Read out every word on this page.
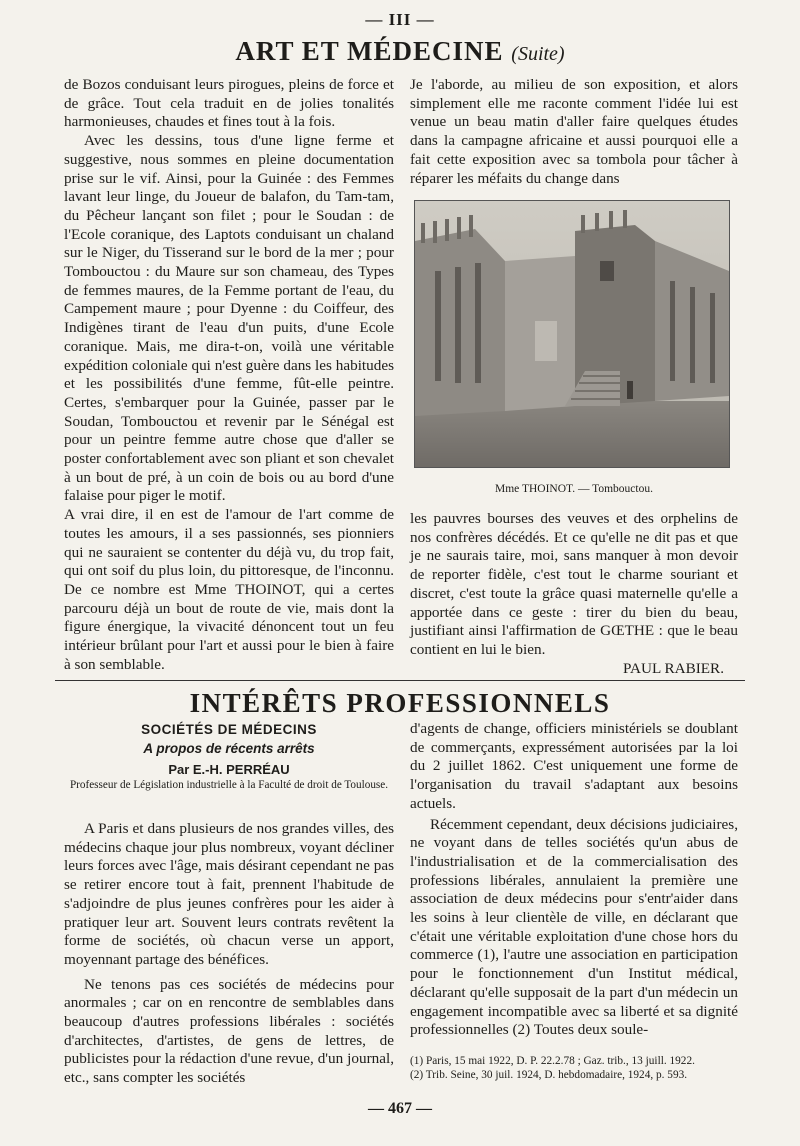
— III —
ART ET MÉDECINE (Suite)

de Bozos conduisant leurs pirogues, pleins de force et de grâce. Tout cela traduit en de jolies tonalités harmonieuses, chaudes et fines tout à la fois.

Avec les dessins, tous d'une ligne ferme et suggestive, nous sommes en pleine documentation prise sur le vif. Ainsi, pour la Guinée : des Femmes lavant leur linge, du Joueur de balafon, du Tam-tam, du Pêcheur lançant son filet ; pour le Soudan : de l'Ecole coranique, des Laptots conduisant un chaland sur le Niger, du Tisserand sur le bord de la mer ; pour Tombouctou : du Maure sur son chameau, des Types de femmes maures, de la Femme portant de l'eau, du Campement maure ; pour Dyenne : du Coiffeur, des Indigènes tirant de l'eau d'un puits, d'une Ecole coranique. Mais, me dira-t-on, voilà une véritable expédition coloniale qui n'est guère dans les habitudes et les possibilités d'une femme, fût-elle peintre. Certes, s'embarquer pour la Guinée, passer par le Soudan, Tombouctou et revenir par le Sénégal est pour un peintre femme autre chose que d'aller se poster confortablement avec son pliant et son chevalet à un bout de pré, à un coin de bois ou au bord d'une falaise pour piger le motif.

A vrai dire, il en est de l'amour de l'art comme de toutes les amours, il a ses passionnés, ses pionniers qui ne sauraient se contenter du déjà vu, du trop fait, qui ont soif du plus loin, du pittoresque, de l'inconnu. De ce nombre est Mme THOINOT, qui a certes parcouru déjà un bout de route de vie, mais dont la figure énergique, la vivacité dénoncent tout un feu intérieur brûlant pour l'art et aussi pour le bien à faire à son semblable.

Je l'aborde, au milieu de son exposition, et alors simplement elle me raconte comment l'idée lui est venue un beau matin d'aller faire quelques études dans la campagne africaine et aussi pourquoi elle a fait cette exposition avec sa tombola pour tâcher à réparer les méfaits du change dans

Mme THOINOT. — Tombouctou.

les pauvres bourses des veuves et des orphelins de nos confrères décédés. Et ce qu'elle ne dit pas et que je ne saurais taire, moi, sans manquer à mon devoir de reporter fidèle, c'est tout le charme souriant et discret, c'est toute la grâce quasi maternelle qu'elle a apportée dans ce geste : tirer du bien du beau, justifiant ainsi l'affirmation de GŒTHE : que le beau contient en lui le bien.

PAUL RABIER.

INTÉRÊTS PROFESSIONNELS
SOCIÉTÉS DE MÉDECINS
A propos de récents arrêts
Par E.-H. PERRÉAU
Professeur de Législation industrielle à la Faculté de droit de Toulouse.

A Paris et dans plusieurs de nos grandes villes, des médecins chaque jour plus nombreux, voyant décliner leurs forces avec l'âge, mais désirant cependant ne pas se retirer encore tout à fait, prennent l'habitude de s'adjoindre de plus jeunes confrères pour les aider à pratiquer leur art. Souvent leurs contrats revêtent la forme de sociétés, où chacun verse un apport, moyennant partage des bénéfices.

Ne tenons pas ces sociétés de médecins pour anormales ; car on en rencontre de semblables dans beaucoup d'autres professions libérales : sociétés d'architectes, d'artistes, de gens de lettres, de publicistes pour la rédaction d'une revue, d'un journal, etc., sans compter les sociétés

d'agents de change, officiers ministériels se doublant de commerçants, expressément autorisées par la loi du 2 juillet 1862. C'est uniquement une forme de l'organisation du travail s'adaptant aux besoins actuels.

Récemment cependant, deux décisions judiciaires, ne voyant dans de telles sociétés qu'un abus de l'industrialisation et de la commercialisation des professions libérales, annulaient la première une association de deux médecins pour s'entr'aider dans les soins à leur clientèle de ville, en déclarant que c'était une véritable exploitation d'une chose hors du commerce (1), l'autre une association en participation pour le fonctionnement d'un Institut médical, déclarant qu'elle supposait de la part d'un médecin un engagement incompatible avec sa liberté et sa dignité professionnelles (2) Toutes deux soule-

(1) Paris, 15 mai 1922, D. P. 22.2.78 ; Gaz. trib., 13 juill. 1922.

(2) Trib. Seine, 30 juil. 1924, D. hebdomadaire, 1924, p. 593.

— 467 —
